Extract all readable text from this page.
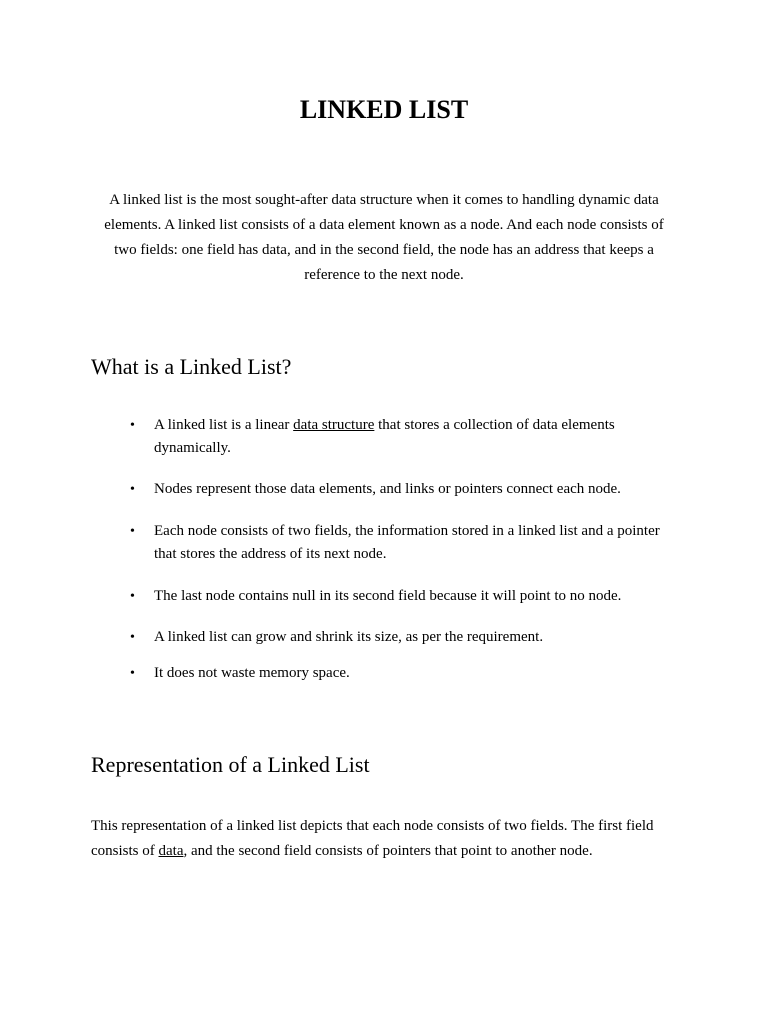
LINKED LIST

A linked list is the most sought-after data structure when it comes to handling dynamic data elements. A linked list consists of a data element known as a node. And each node consists of two fields: one field has data, and in the second field, the node has an address that keeps a reference to the next node.

What is a Linked List?
• A linked list is a linear data structure that stores a collection of data elements dynamically.
• Nodes represent those data elements, and links or pointers connect each node.
• Each node consists of two fields, the information stored in a linked list and a pointer that stores the address of its next node.
• The last node contains null in its second field because it will point to no node.
• A linked list can grow and shrink its size, as per the requirement.
• It does not waste memory space.
Representation of a Linked List

This representation of a linked list depicts that each node consists of two fields. The first field consists of data, and the second field consists of pointers that point to another node.
